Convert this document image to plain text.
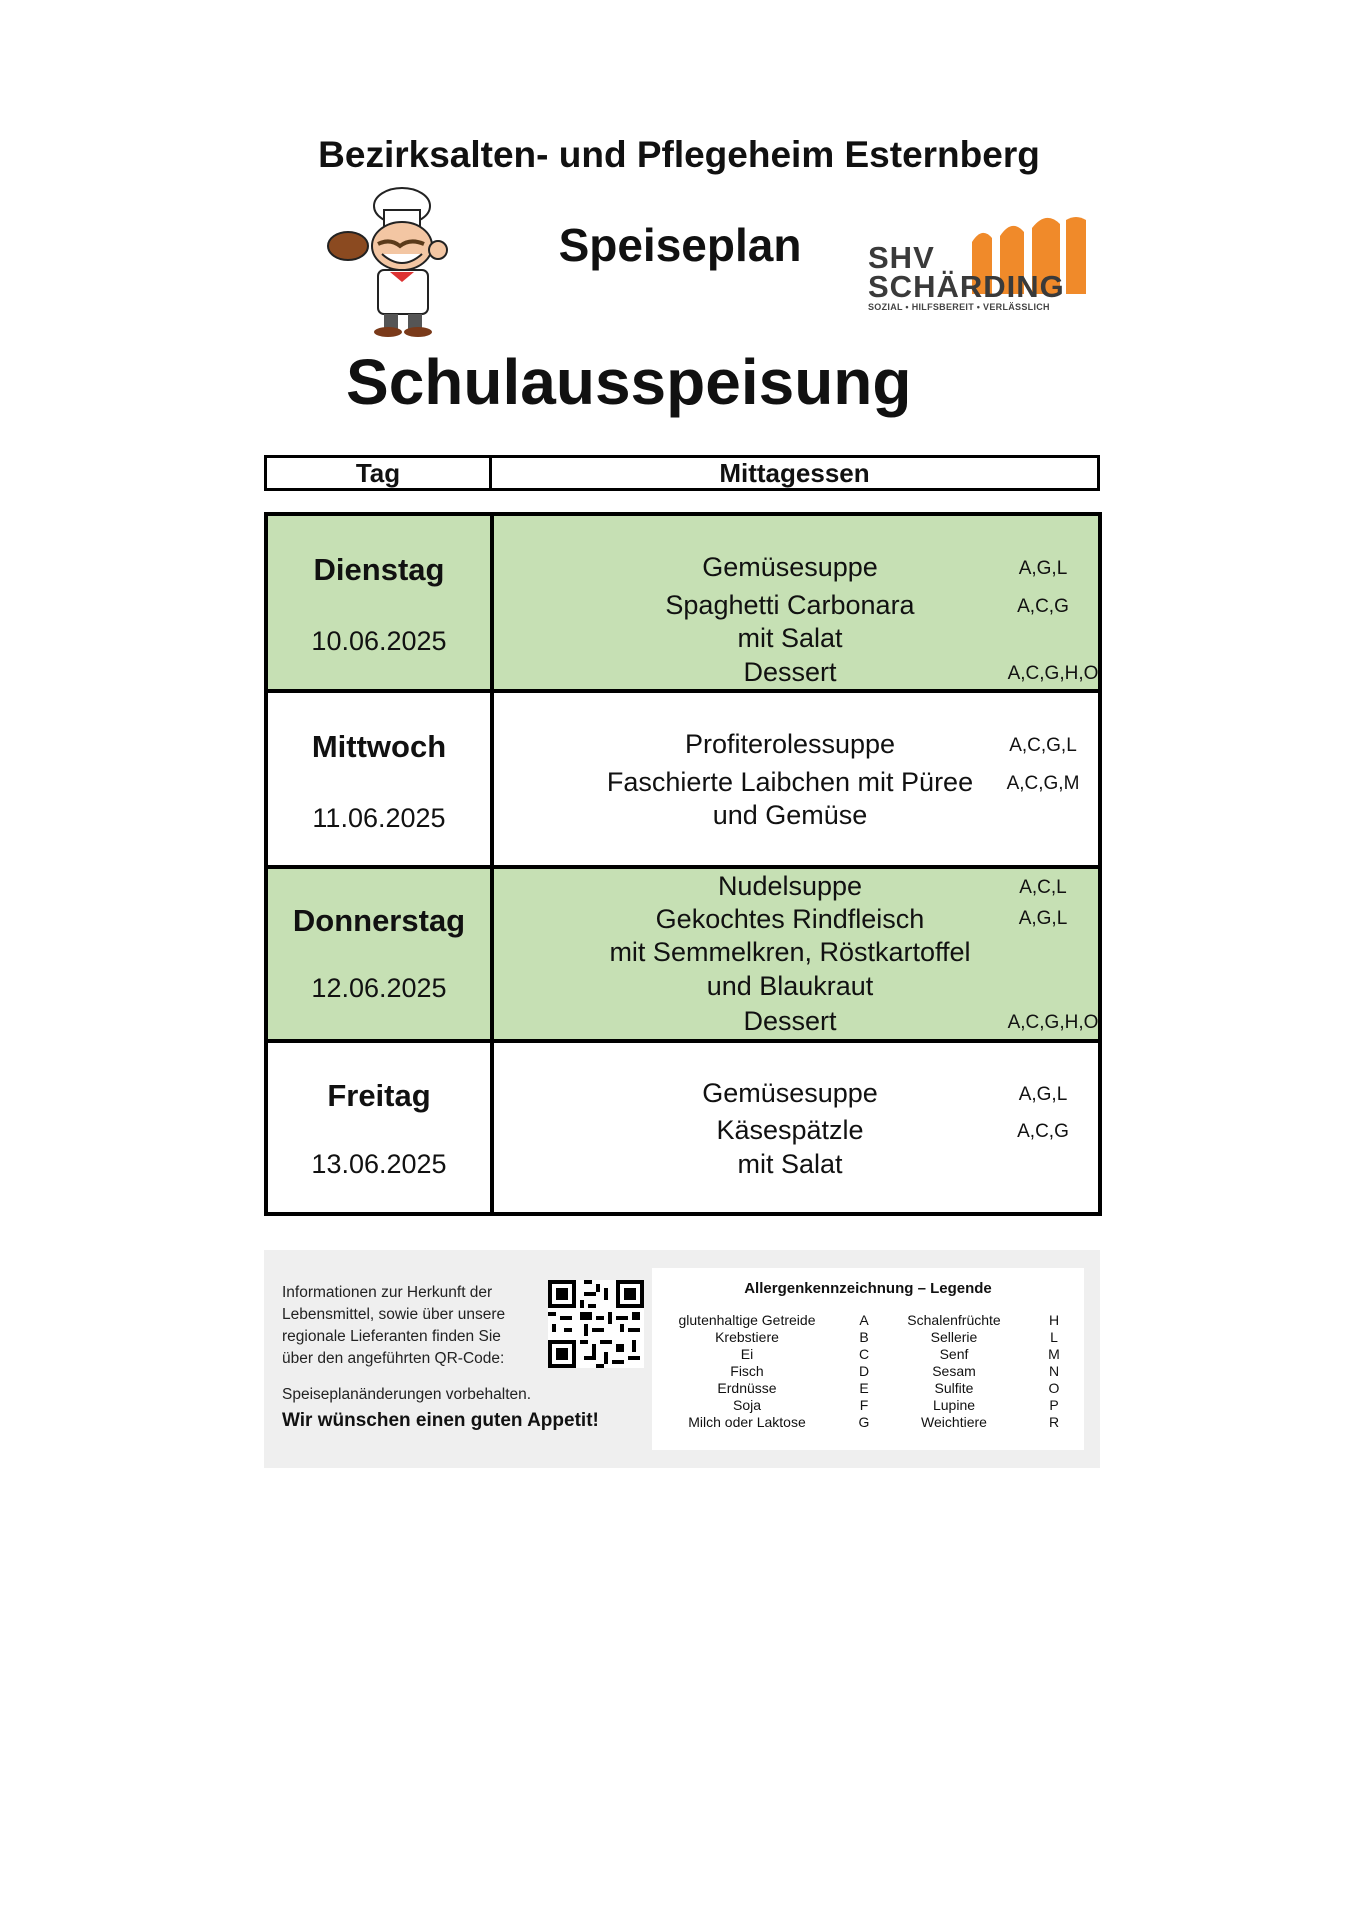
Bezirksalten- und Pflegeheim Esternberg
Speiseplan	SHV
SCHÄRDING
SOZIAL • HILFSBEREIT • VERLÄSSLICH
Schulausspeisung
Tag	Mittagessen
Dienstag
10.06.2025
Gemüsesuppe
Spaghetti Carbonara
mit Salat
Dessert
A,G,L
A,C,G
A,C,G,H,O
Mittwoch
11.06.2025
Profiterolessuppe
Faschierte Laibchen mit Püree
und Gemüse
A,C,G,L
A,C,G,M
Donnerstag
12.06.2025
Nudelsuppe
Gekochtes Rindfleisch
mit Semmelkren, Röstkartoffel
und Blaukraut
Dessert
A,C,L
A,G,L
A,C,G,H,O
Freitag
13.06.2025
Gemüsesuppe
Käsespätzle
mit Salat
A,G,L
A,C,G
Informationen zur Herkunft der
Lebensmittel, sowie über unsere
regionale Lieferanten finden Sie
über den angeführten QR-Code:
Speiseplanänderungen vorbehalten.
Wir wünschen einen guten Appetit!
Allergenkennzeichnung – Legende
glutenhaltige Getreide
Krebstiere
Ei
Fisch
Erdnüsse
Soja
Milch oder Laktose
A
B
C
D
E
F
G
Schalenfrüchte
Sellerie
Senf
Sesam
Sulfite
Lupine
Weichtiere
H
L
M
N
O
P
R
